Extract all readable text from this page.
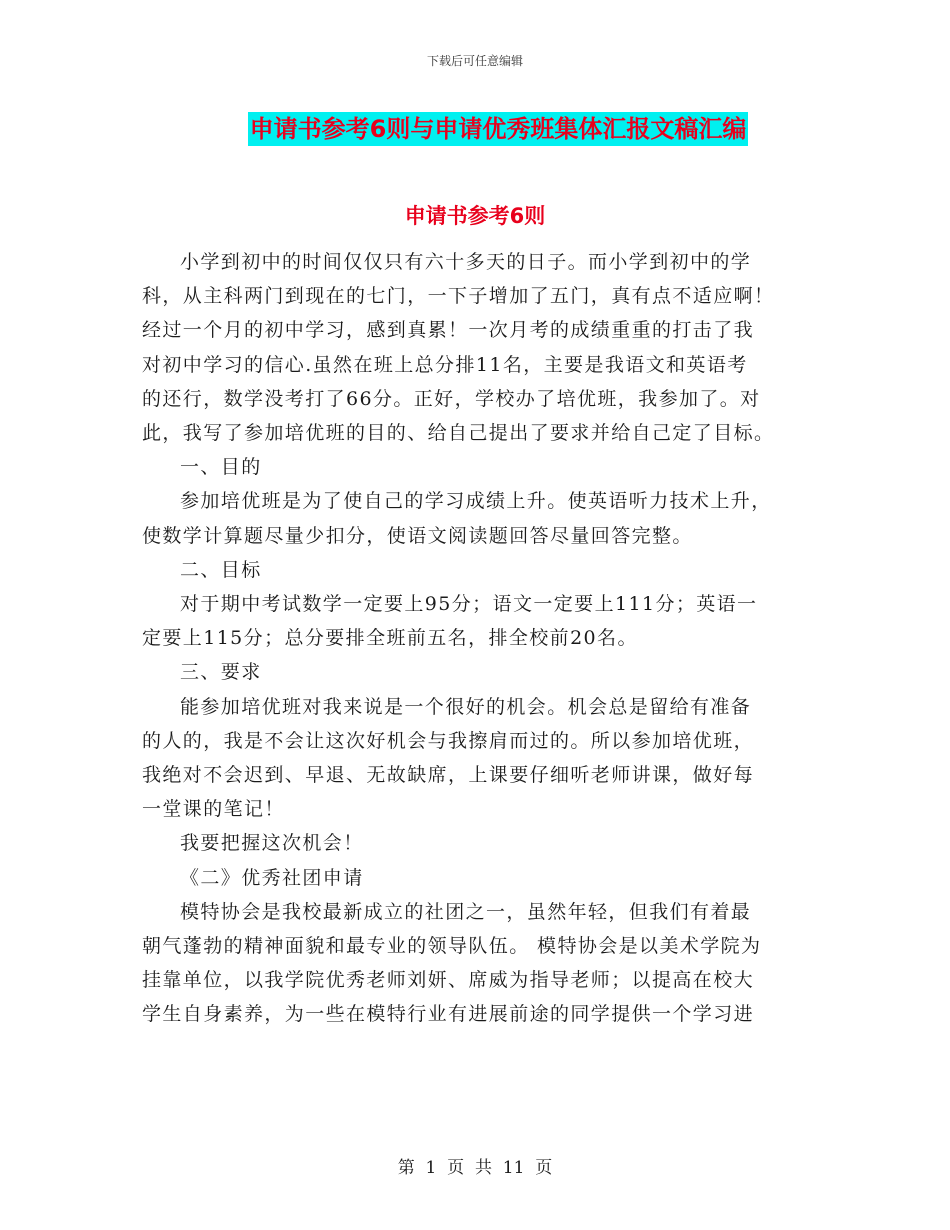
下载后可任意编辑
申请书参考6则与申请优秀班集体汇报文稿汇编
申请书参考6则

小学到初中的时间仅仅只有六十多天的日子。而小学到初中的学

科，从主科两门到现在的七门，一下子增加了五门，真有点不适应啊！

经过一个月的初中学习，感到真累！一次月考的成绩重重的打击了我

对初中学习的信心.虽然在班上总分排11名，主要是我语文和英语考

的还行，数学没考打了66分。正好，学校办了培优班，我参加了。对

此，我写了参加培优班的目的、给自己提出了要求并给自己定了目标。

一、目的

参加培优班是为了使自己的学习成绩上升。使英语听力技术上升，

使数学计算题尽量少扣分，使语文阅读题回答尽量回答完整。

二、目标

对于期中考试数学一定要上95分；语文一定要上111分；英语一

定要上115分；总分要排全班前五名，排全校前20名。

三、要求

能参加培优班对我来说是一个很好的机会。机会总是留给有准备

的人的，我是不会让这次好机会与我擦肩而过的。所以参加培优班，

我绝对不会迟到、早退、无故缺席，上课要仔细听老师讲课，做好每

一堂课的笔记！

我要把握这次机会！

《二》优秀社团申请

模特协会是我校最新成立的社团之一，虽然年轻，但我们有着最

朝气蓬勃的精神面貌和最专业的领导队伍。 模特协会是以美术学院为

挂靠单位，以我学院优秀老师刘妍、席威为指导老师；以提高在校大

学生自身素养，为一些在模特行业有进展前途的同学提供一个学习进

第  1  页  共  11  页
